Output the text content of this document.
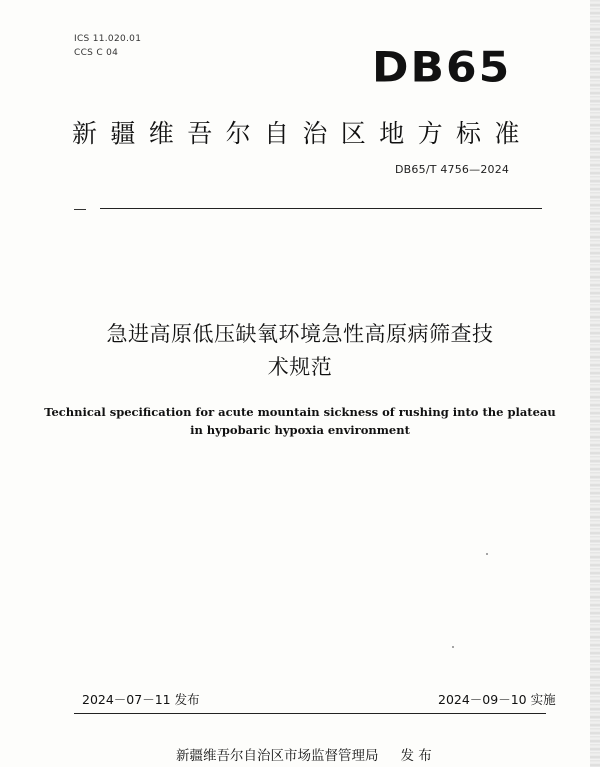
ICS 11.020.01
CCS C 04	DB65
新疆维吾尔自治区地方标准
DB65/T 4756—2024
急进高原低压缺氧环境急性高原病筛查技
术规范
Technical specification for acute mountain sickness of rushing into the plateau
in hypobaric hypoxia environment
2024－07－11 发布	2024－09－10 实施
新疆维吾尔自治区市场监督管理局 发 布
